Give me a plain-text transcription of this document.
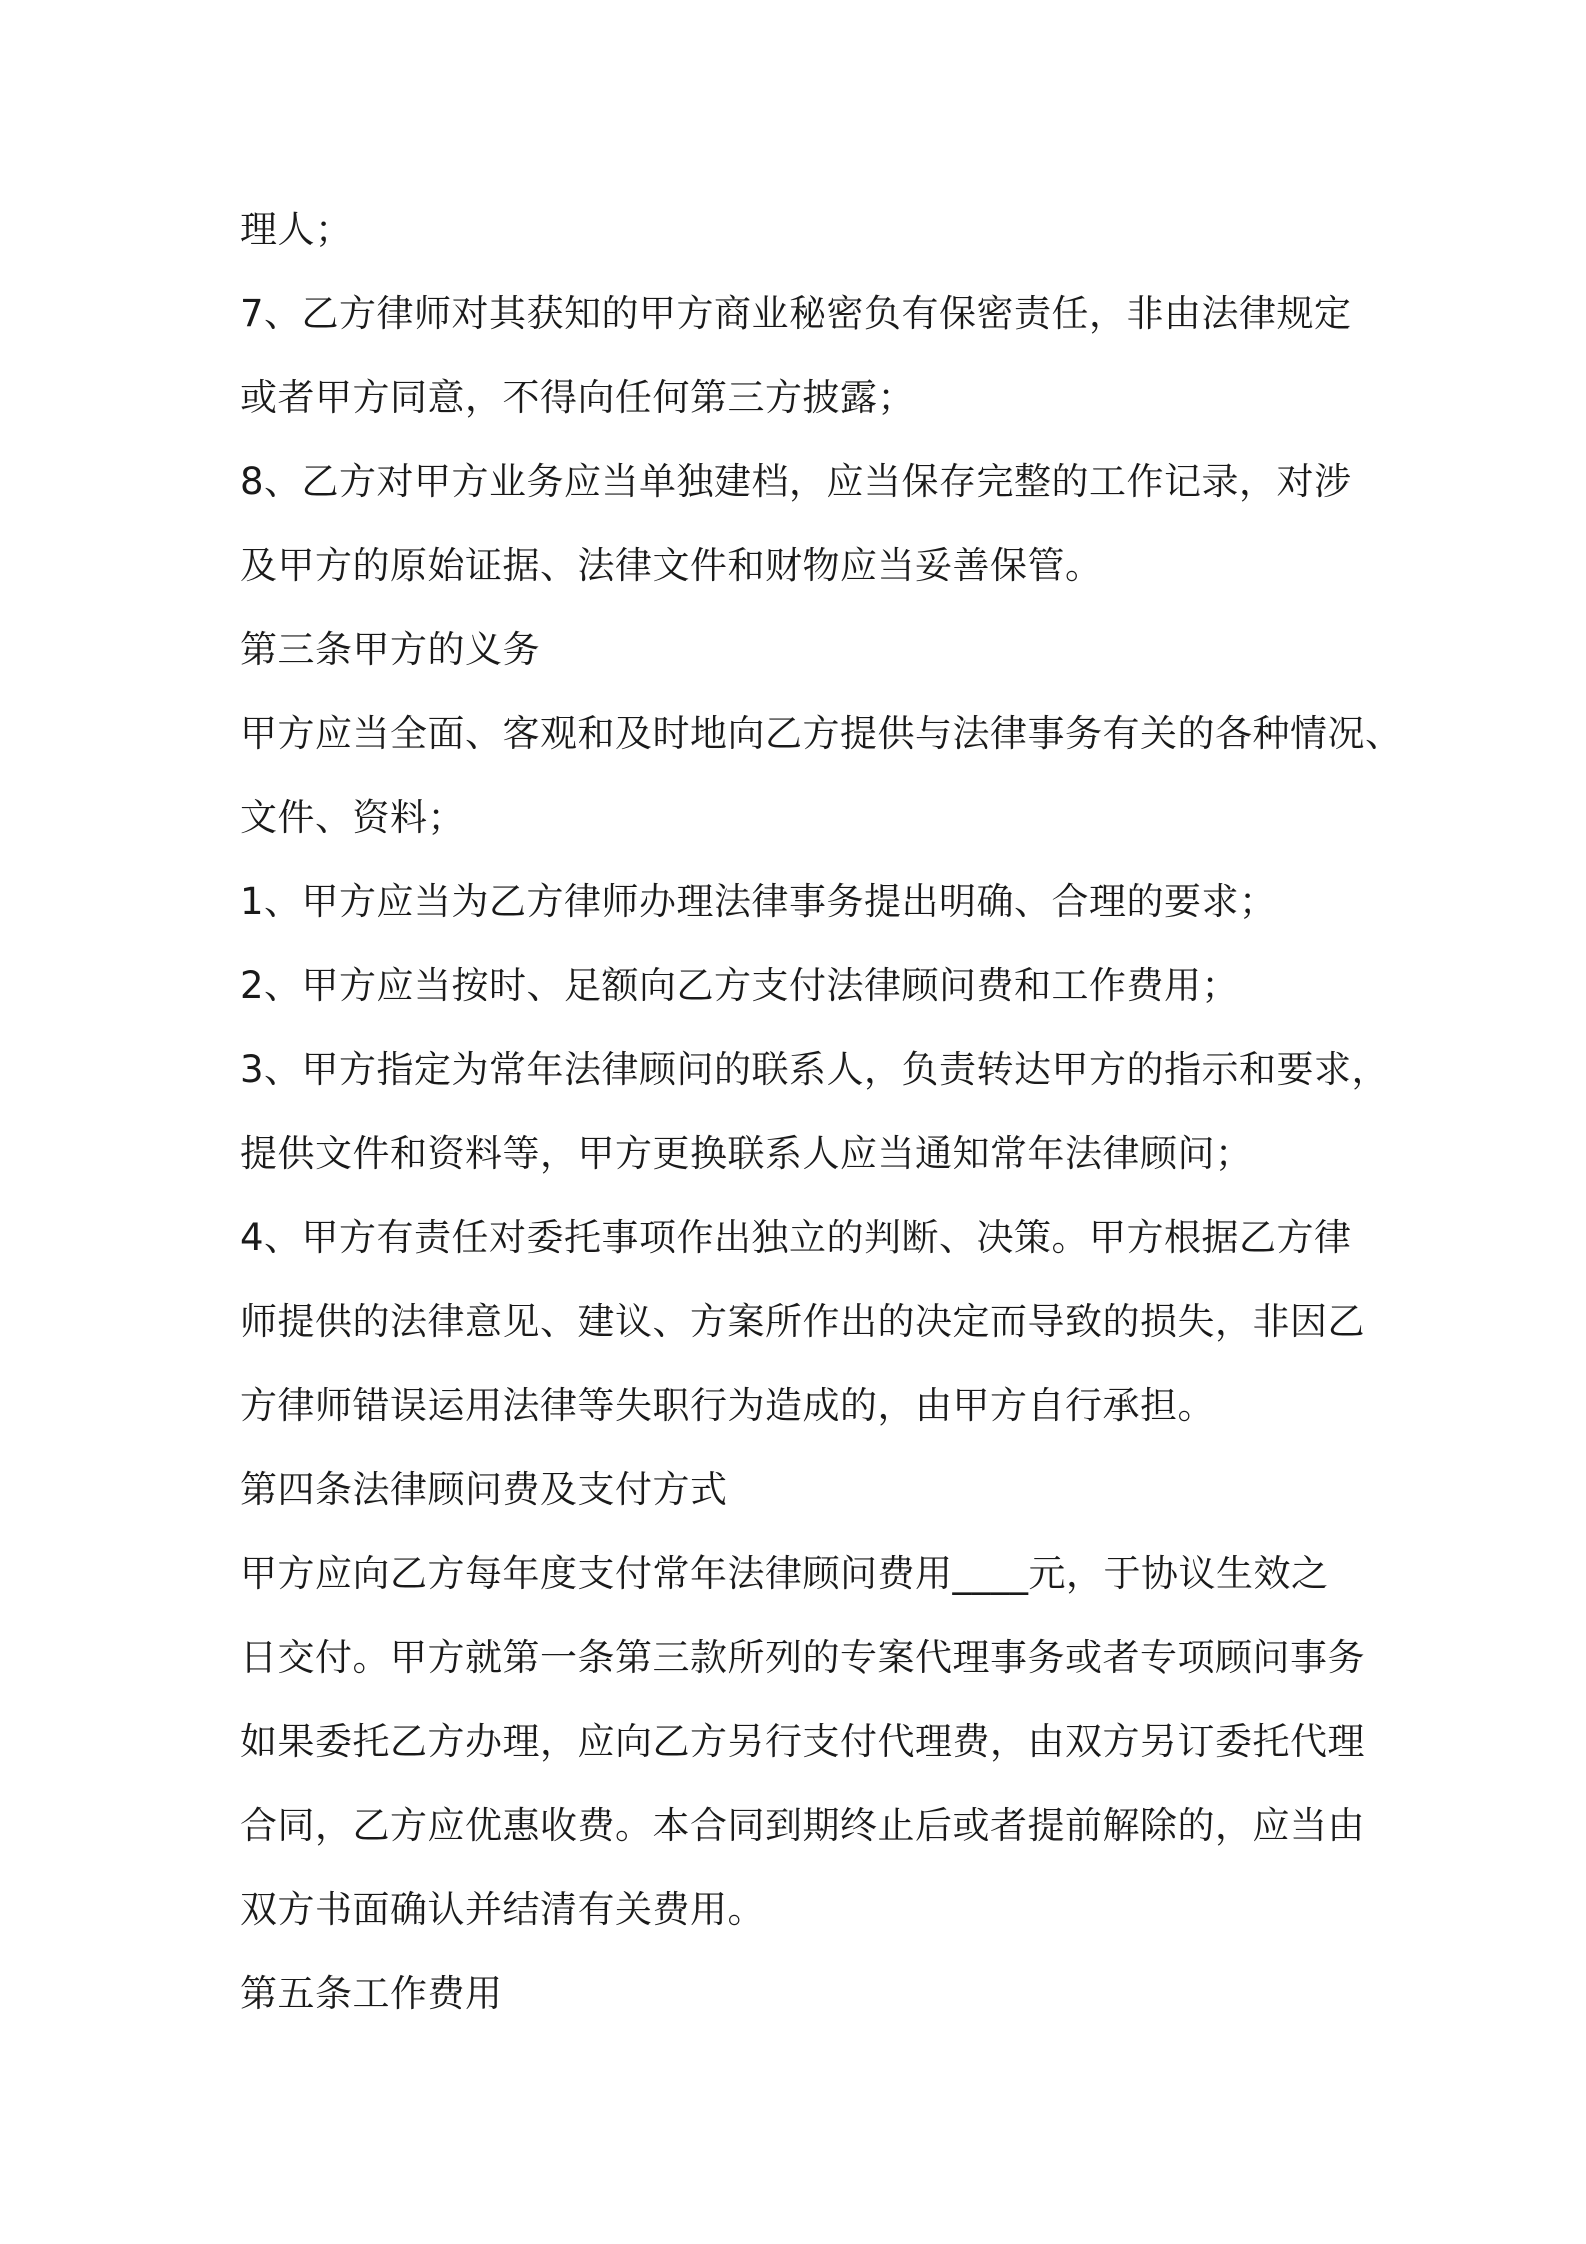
理人；
7、乙方律师对其获知的甲方商业秘密负有保密责任，非由法律规定
或者甲方同意，不得向任何第三方披露；
8、乙方对甲方业务应当单独建档，应当保存完整的工作记录，对涉
及甲方的原始证据、法律文件和财物应当妥善保管。
第三条甲方的义务
甲方应当全面、客观和及时地向乙方提供与法律事务有关的各种情况、
文件、资料；
1、甲方应当为乙方律师办理法律事务提出明确、合理的要求；
2、甲方应当按时、足额向乙方支付法律顾问费和工作费用；
3、甲方指定为常年法律顾问的联系人，负责转达甲方的指示和要求，
提供文件和资料等，甲方更换联系人应当通知常年法律顾问；
4、甲方有责任对委托事项作出独立的判断、决策。甲方根据乙方律
师提供的法律意见、建议、方案所作出的决定而导致的损失，非因乙
方律师错误运用法律等失职行为造成的，由甲方自行承担。
第四条法律顾问费及支付方式
甲方应向乙方每年度支付常年法律顾问费用____元，于协议生效之
日交付。甲方就第一条第三款所列的专案代理事务或者专项顾问事务
如果委托乙方办理，应向乙方另行支付代理费，由双方另订委托代理
合同，乙方应优惠收费。本合同到期终止后或者提前解除的，应当由
双方书面确认并结清有关费用。
第五条工作费用
